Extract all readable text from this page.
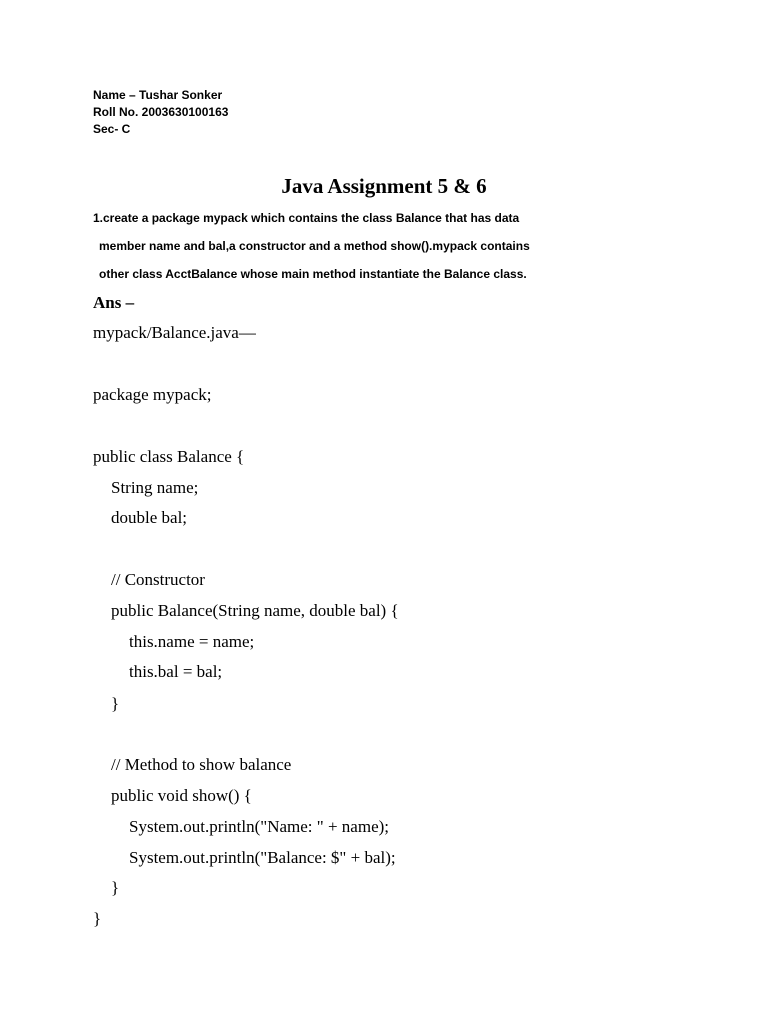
Name – Tushar Sonker
Roll No. 2003630100163
Sec- C
Java Assignment 5 & 6
1.create a package mypack which contains the class Balance that has data
member name and bal,a constructor and a method show().mypack contains
other class AcctBalance whose main method instantiate the Balance class.
Ans –
mypack/Balance.java—
package mypack;
public class Balance {
String name;
double bal;
// Constructor
public Balance(String name, double bal) {
this.name = name;
this.bal = bal;
}
// Method to show balance
public void show() {
System.out.println("Name: " + name);
System.out.println("Balance: $" + bal);
}
}
